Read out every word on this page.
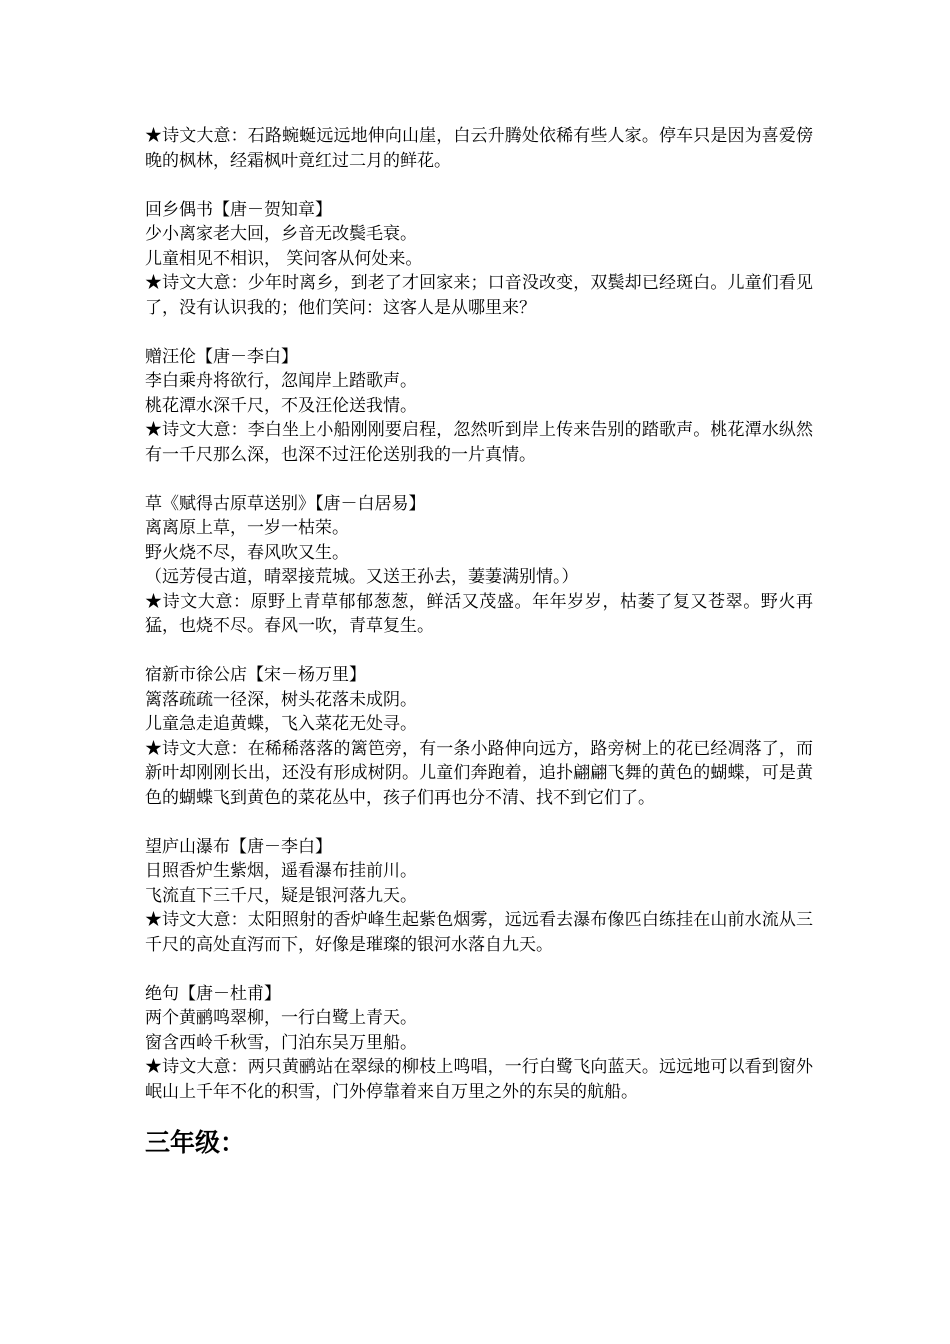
★诗文大意：石路蜿蜒远远地伸向山崖，白云升腾处依稀有些人家。停车只是因为喜爱傍晚的枫林，经霜枫叶竟红过二月的鲜花。
回乡偶书【唐－贺知章】
少小离家老大回，乡音无改鬓毛衰。
儿童相见不相识， 笑问客从何处来。
★诗文大意：少年时离乡，到老了才回家来；口音没改变，双鬓却已经斑白。儿童们看见了，没有认识我的；他们笑问：这客人是从哪里来？
赠汪伦【唐－李白】
李白乘舟将欲行，忽闻岸上踏歌声。
桃花潭水深千尺，不及汪伦送我情。
★诗文大意：李白坐上小船刚刚要启程，忽然听到岸上传来告别的踏歌声。桃花潭水纵然有一千尺那么深，也深不过汪伦送别我的一片真情。
草《赋得古原草送别》【唐－白居易】
离离原上草，一岁一枯荣。
野火烧不尽，春风吹又生。
（远芳侵古道，晴翠接荒城。又送王孙去，萋萋满别情。）
★诗文大意：原野上青草郁郁葱葱，鲜活又茂盛。年年岁岁，枯萎了复又苍翠。野火再猛，也烧不尽。春风一吹，青草复生。
宿新市徐公店【宋－杨万里】
篱落疏疏一径深，树头花落未成阴。
儿童急走追黄蝶，飞入菜花无处寻。
★诗文大意：在稀稀落落的篱笆旁，有一条小路伸向远方，路旁树上的花已经凋落了，而新叶却刚刚长出，还没有形成树阴。儿童们奔跑着，追扑翩翩飞舞的黄色的蝴蝶，可是黄色的蝴蝶飞到黄色的菜花丛中，孩子们再也分不清、找不到它们了。
望庐山瀑布【唐－李白】
日照香炉生紫烟，遥看瀑布挂前川。
飞流直下三千尺，疑是银河落九天。
★诗文大意：太阳照射的香炉峰生起紫色烟雾，远远看去瀑布像匹白练挂在山前水流从三千尺的高处直泻而下，好像是璀璨的银河水落自九天。
绝句【唐－杜甫】
两个黄鹂鸣翠柳，一行白鹭上青天。
窗含西岭千秋雪，门泊东吴万里船。
★诗文大意：两只黄鹂站在翠绿的柳枝上鸣唱，一行白鹭飞向蓝天。远远地可以看到窗外岷山上千年不化的积雪，门外停靠着来自万里之外的东吴的航船。
三年级：
